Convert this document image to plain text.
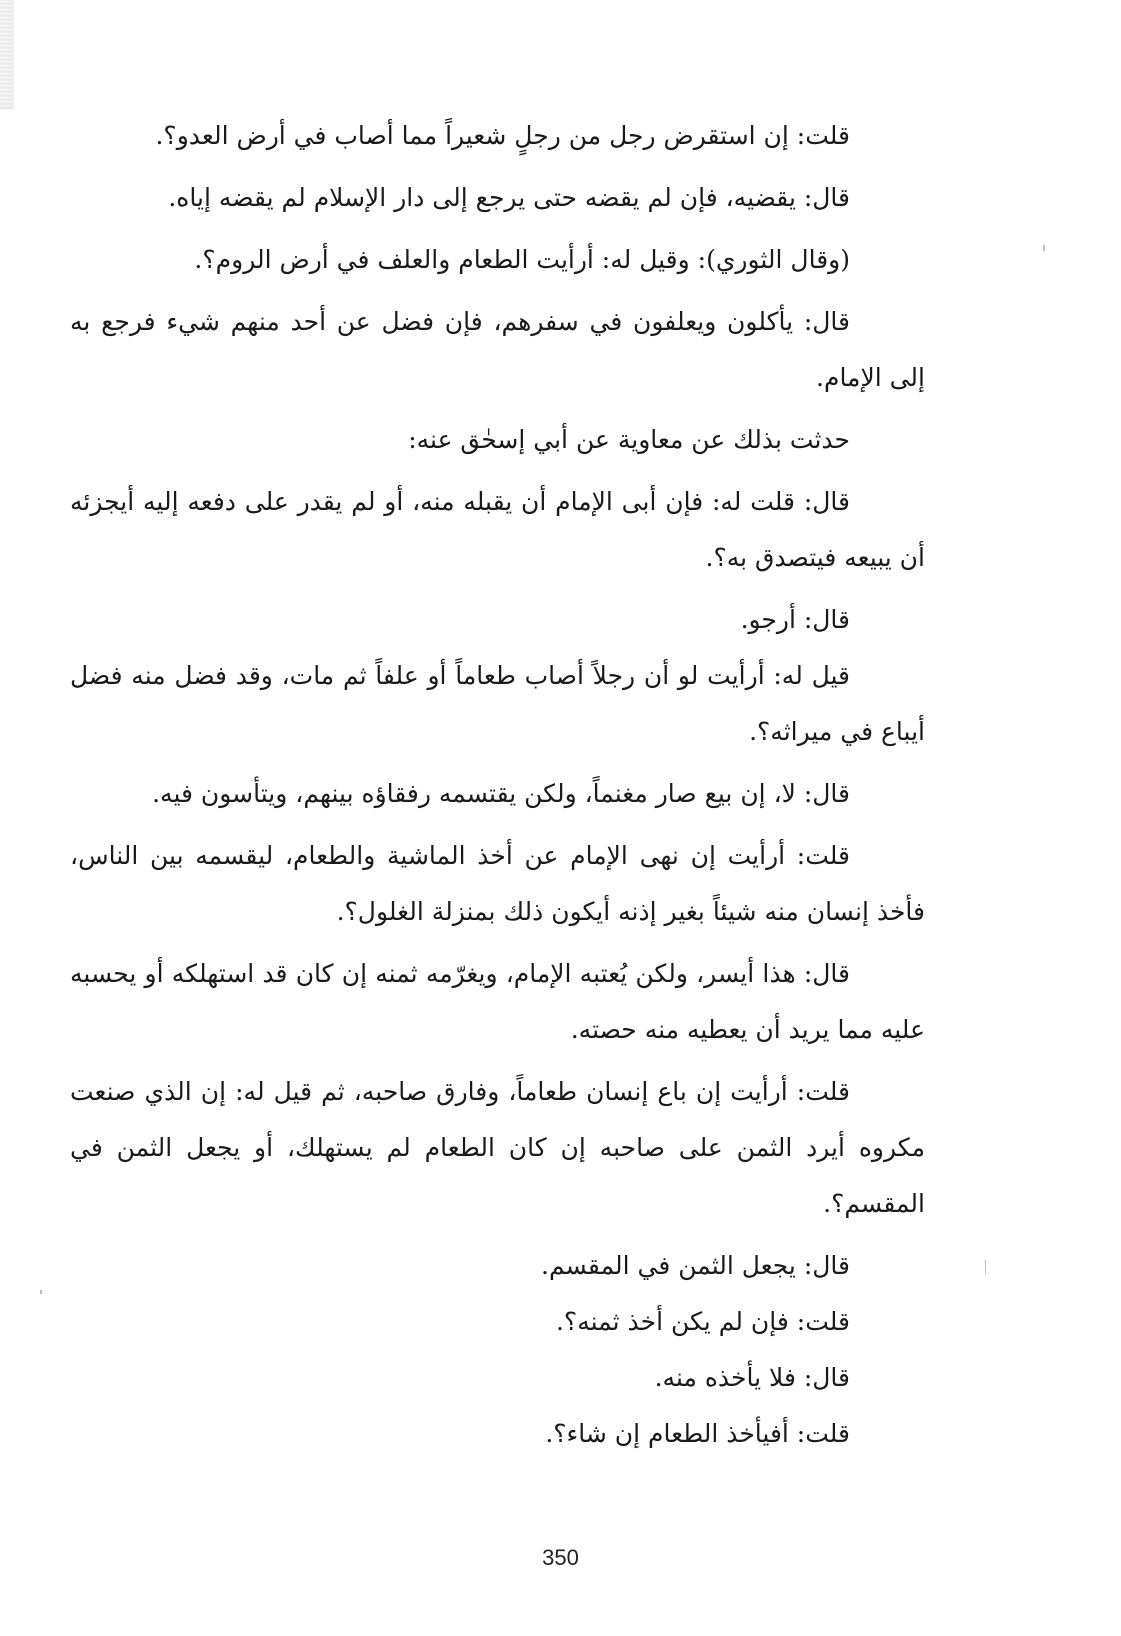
قلت: إن استقرض رجل من رجلٍ شعيراً مما أصاب في أرض العدو؟.

قال: يقضيه، فإن لم يقضه حتى يرجع إلى دار الإسلام لم يقضه إياه.

(وقال الثوري): وقيل له: أرأيت الطعام والعلف في أرض الروم؟.

قال: يأكلون ويعلفون في سفرهم، فإن فضل عن أحد منهم شيء فرجع به إلى الإمام.

حدثت بذلك عن معاوية عن أبي إسحٰق عنه:

قال: قلت له: فإن أبى الإمام أن يقبله منه، أو لم يقدر على دفعه إليه أيجزئه أن يبيعه فيتصدق به؟.

قال: أرجو.

قيل له: أرأيت لو أن رجلاً أصاب طعاماً أو علفاً ثم مات، وقد فضل منه فضل أيباع في ميراثه؟.

قال: لا، إن بيع صار مغنماً، ولكن يقتسمه رفقاؤه بينهم، ويتأسون فيه.

قلت: أرأيت إن نهى الإمام عن أخذ الماشية والطعام، ليقسمه بين الناس، فأخذ إنسان منه شيئاً بغير إذنه أيكون ذلك بمنزلة الغلول؟.

قال: هذا أيسر، ولكن يُعتبه الإمام، ويغرّمه ثمنه إن كان قد استهلكه أو يحسبه عليه مما يريد أن يعطيه منه حصته.

قلت: أرأيت إن باع إنسان طعاماً، وفارق صاحبه، ثم قيل له: إن الذي صنعت مكروه أيرد الثمن على صاحبه إن كان الطعام لم يستهلك، أو يجعل الثمن في المقسم؟.

قال: يجعل الثمن في المقسم.

قلت: فإن لم يكن أخذ ثمنه؟.

قال: فلا يأخذه منه.

قلت: أفيأخذ الطعام إن شاء؟.

350
